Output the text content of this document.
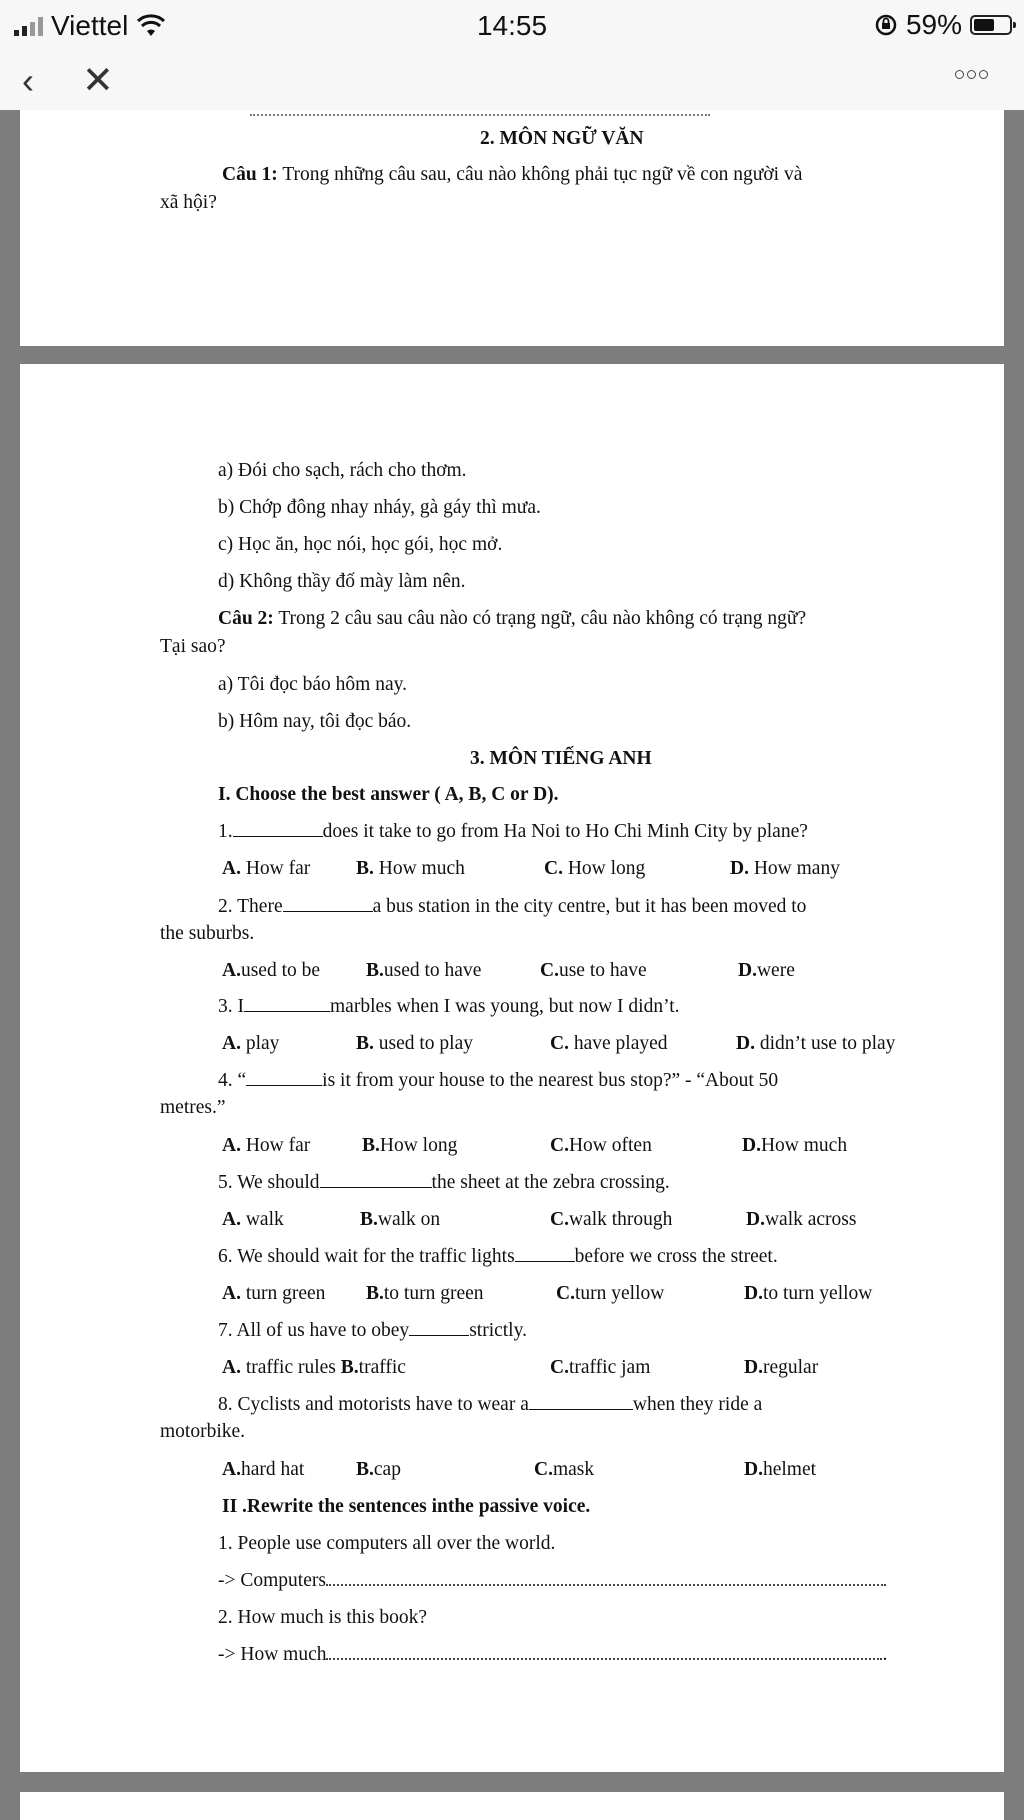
Viettel	14:55	59%
‹ ✕
2. MÔN NGỮ VĂN
Câu 1: Trong những câu sau, câu nào không phải tục ngữ về con người và
xã hội?
a) Đói cho sạch, rách cho thơm.
b) Chớp đông nhay nháy, gà gáy thì mưa.
c) Học ăn, học nói, học gói, học mở.
d) Không thầy đố mày làm nên.
Câu 2: Trong 2 câu sau câu nào có trạng ngữ, câu nào không có trạng ngữ?
Tại sao?
a) Tôi đọc báo hôm nay.
b) Hôm nay, tôi đọc báo.
3. MÔN TIẾNG ANH
I. Choose the best answer ( A, B, C or D).
1.	does it take to go from Ha Noi to Ho Chi Minh City by plane?
A. How far B. How much	C. How long	D. How many
2. There	a bus station in the city centre, but it has been moved to
the suburbs.
A.used to be B.used to have	C.use to have	D.were
3. I	marbles when I was young, but now I didn’t.
A. play	B. used to play	C. have played	D. didn’t use to play
4. “	is it from your house to the nearest bus stop?” - “About 50
metres.”
A. How far	B.How long	C.How often	D.How much
5. We should	the sheet at the zebra crossing.
A. walk	B.walk on	C.walk through	D.walk across
6. We should wait for the traffic lights	before we cross the street.
A. turn green B.to turn green	C.turn yellow	D.to turn yellow
7. All of us have to obey	strictly.
A. traffic rules B.traffic	C.traffic jam	D.regular
8. Cyclists and motorists have to wear a	when they ride a
motorbike.
A.hard hat	B.cap	C.mask	D.helmet
II .Rewrite the sentences inthe passive voice.
1. People use computers all over the world.
-> Computers
2. How much is this book?
-> How much	.
